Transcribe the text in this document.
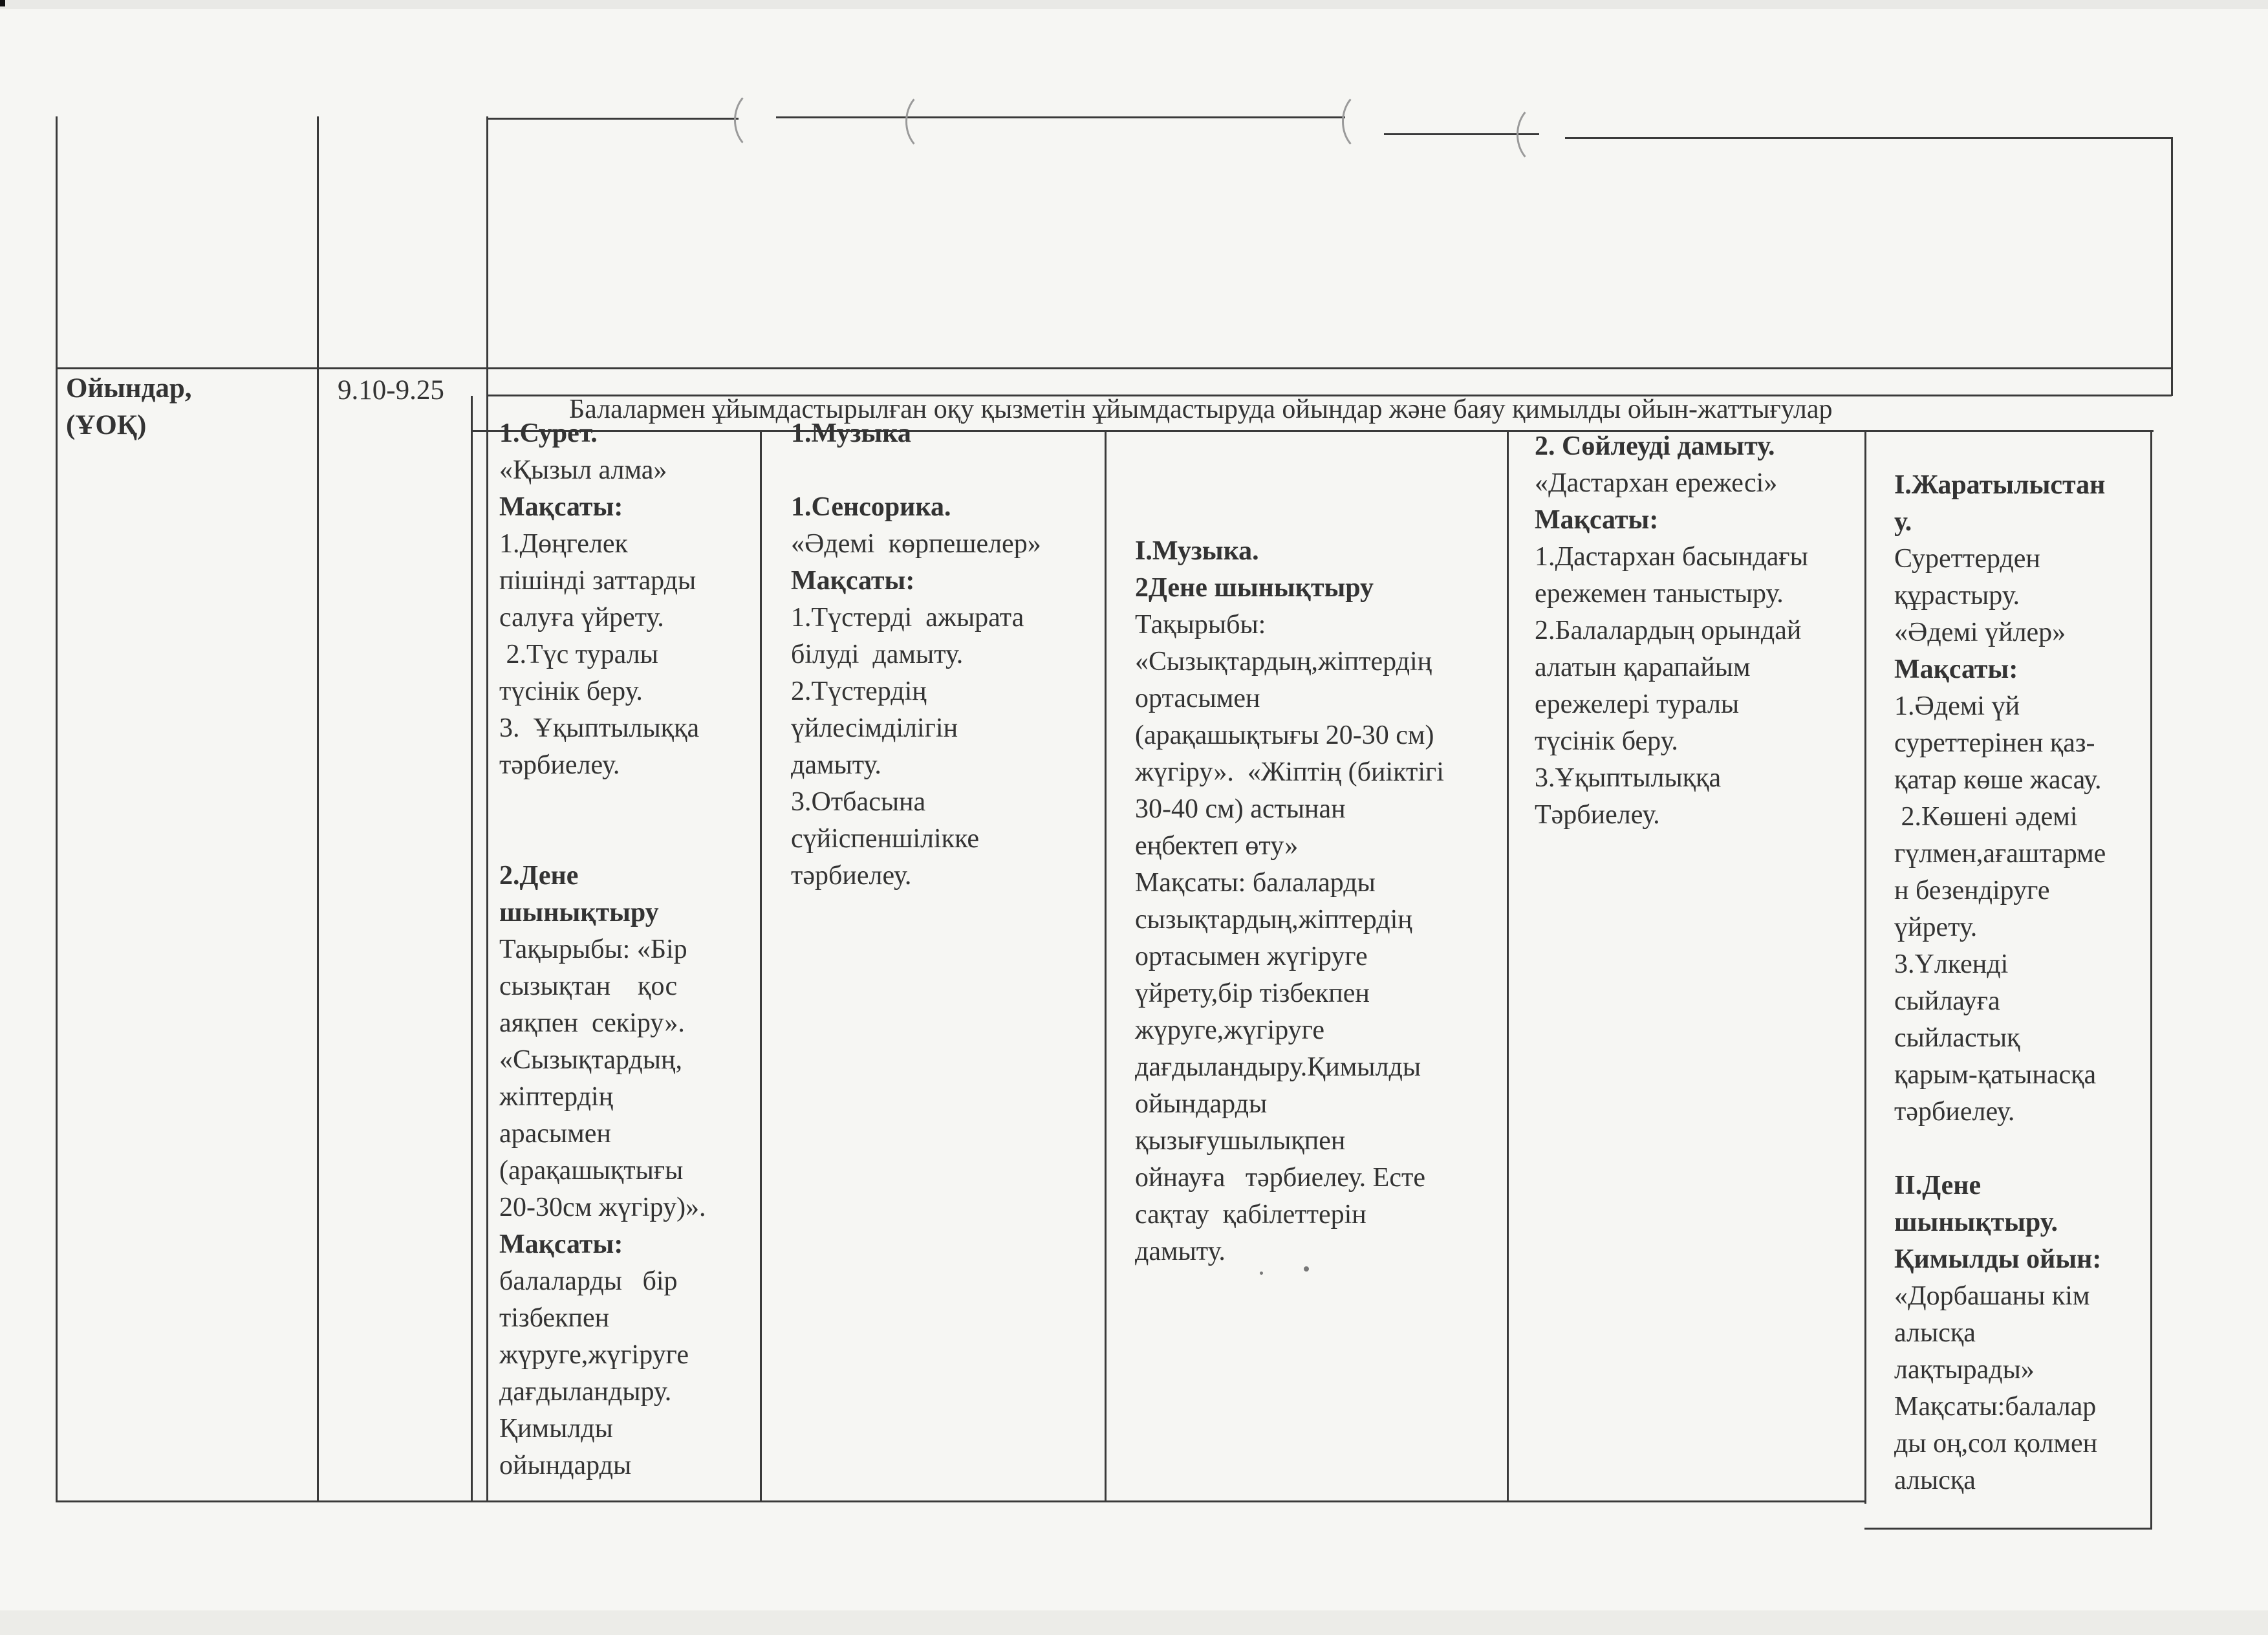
Ойындар,
(ҰОҚ)
9.10-9.25
Балалармен ұйымдастырылған оқу қызметін ұйымдастыруда ойындар және баяу қимылды ойын-жаттығулар
1.Сурет.
«Қызыл алма»
Мақсаты:
1.Дөңгелек
пішінді заттарды
салуға үйрету.
2.Түс туралы
түсінік беру.
3.  Ұқыптылыққа
тәрбиелеу.

2.Дене
шынықтыру
Тақырыбы: «Бір
сызықтан    қос
аяқпен  секіру».
«Сызықтардың,
жіптердің
арасымен
(арақашықтығы
20-30см жүгіру)».
Мақсаты:
балаларды   бір
тізбекпен
жүруге,жүгіруге
дағдыландыру.
Қимылды
ойындарды
1.Музыка

1.Сенсорика.
«Әдемі  көрпешелер»
Мақсаты:
1.Түстерді  ажырата
білуді  дамыту.
2.Түстердің
үйлесімділігін
дамыту.
3.Отбасына
сүйіспеншілікке
тәрбиелеу.
I.Музыка.
2Дене шынықтыру
Тақырыбы:
«Сызықтардың,жіптердің
ортасымен
(арақашықтығы 20-30 см)
жүгіру».  «Жіптің (биіктігі
30-40 см) астынан
еңбектеп өту»
Мақсаты: балаларды
сызықтардың,жіптердің
ортасымен жүгіруге
үйрету,бір тізбекпен
жүруге,жүгіруге
дағдыландыру.Қимылды
ойындарды
қызығушылықпен
ойнауға   тәрбиелеу. Есте
сақтау  қабілеттерін
дамыту.
2. Сөйлеуді дамыту.
«Дастархан ережесі»
Мақсаты:
1.Дастархан басындағы
ережемен таныстыру.
2.Балалардың орындай
алатын қарапайым
ережелері туралы
түсінік беру.
3.Ұқыптылыққа
Тәрбиелеу.
I.Жаратылыстан
у.
Суреттерден
құрастыру.
«Әдемі үйлер»
Мақсаты:
1.Әдемі үй
суреттерінен қаз-
қатар көше жасау.
2.Көшені әдемі
гүлмен,ағаштарме
н безендіруге
үйрету.
3.Үлкенді
сыйлауға
сыйластық
қарым-қатынасқа
тәрбиелеу.

II.Дене
шынықтыру.
Қимылды ойын:
«Дорбашаны кім
алысқа
лақтырады»
Мақсаты:балалар
ды оң,сол қолмен
алысқа
